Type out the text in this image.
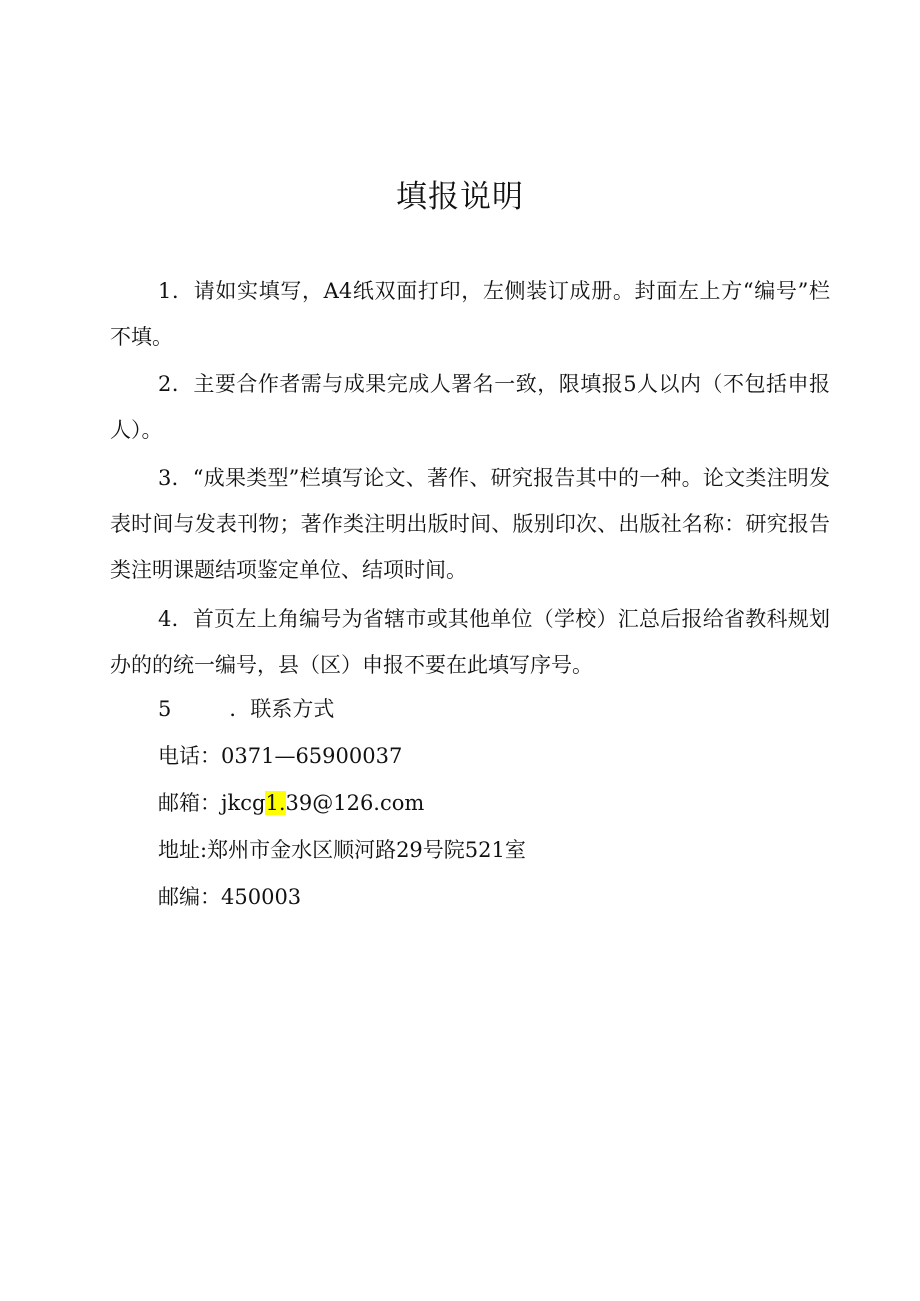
填报说明

1．请如实填写，A4纸双面打印，左侧装订成册。封面左上方“编号”栏不填。

2．主要合作者需与成果完成人署名一致，限填报5人以内（不包括申报人）。

3．“成果类型”栏填写论文、著作、研究报告其中的一种。论文类注明发表时间与发表刊物；著作类注明出版时间、版别印次、出版社名称：研究报告类注明课题结项鉴定单位、结项时间。

4．首页左上角编号为省辖市或其他单位（学校）汇总后报给省教科规划办的的统一编号，县（区）申报不要在此填写序号。

5	．联系方式
电话：0371—65900037
邮箱：jkcg1.39@126.com
地址:郑州市金水区顺河路29号院521室
邮编：450003
